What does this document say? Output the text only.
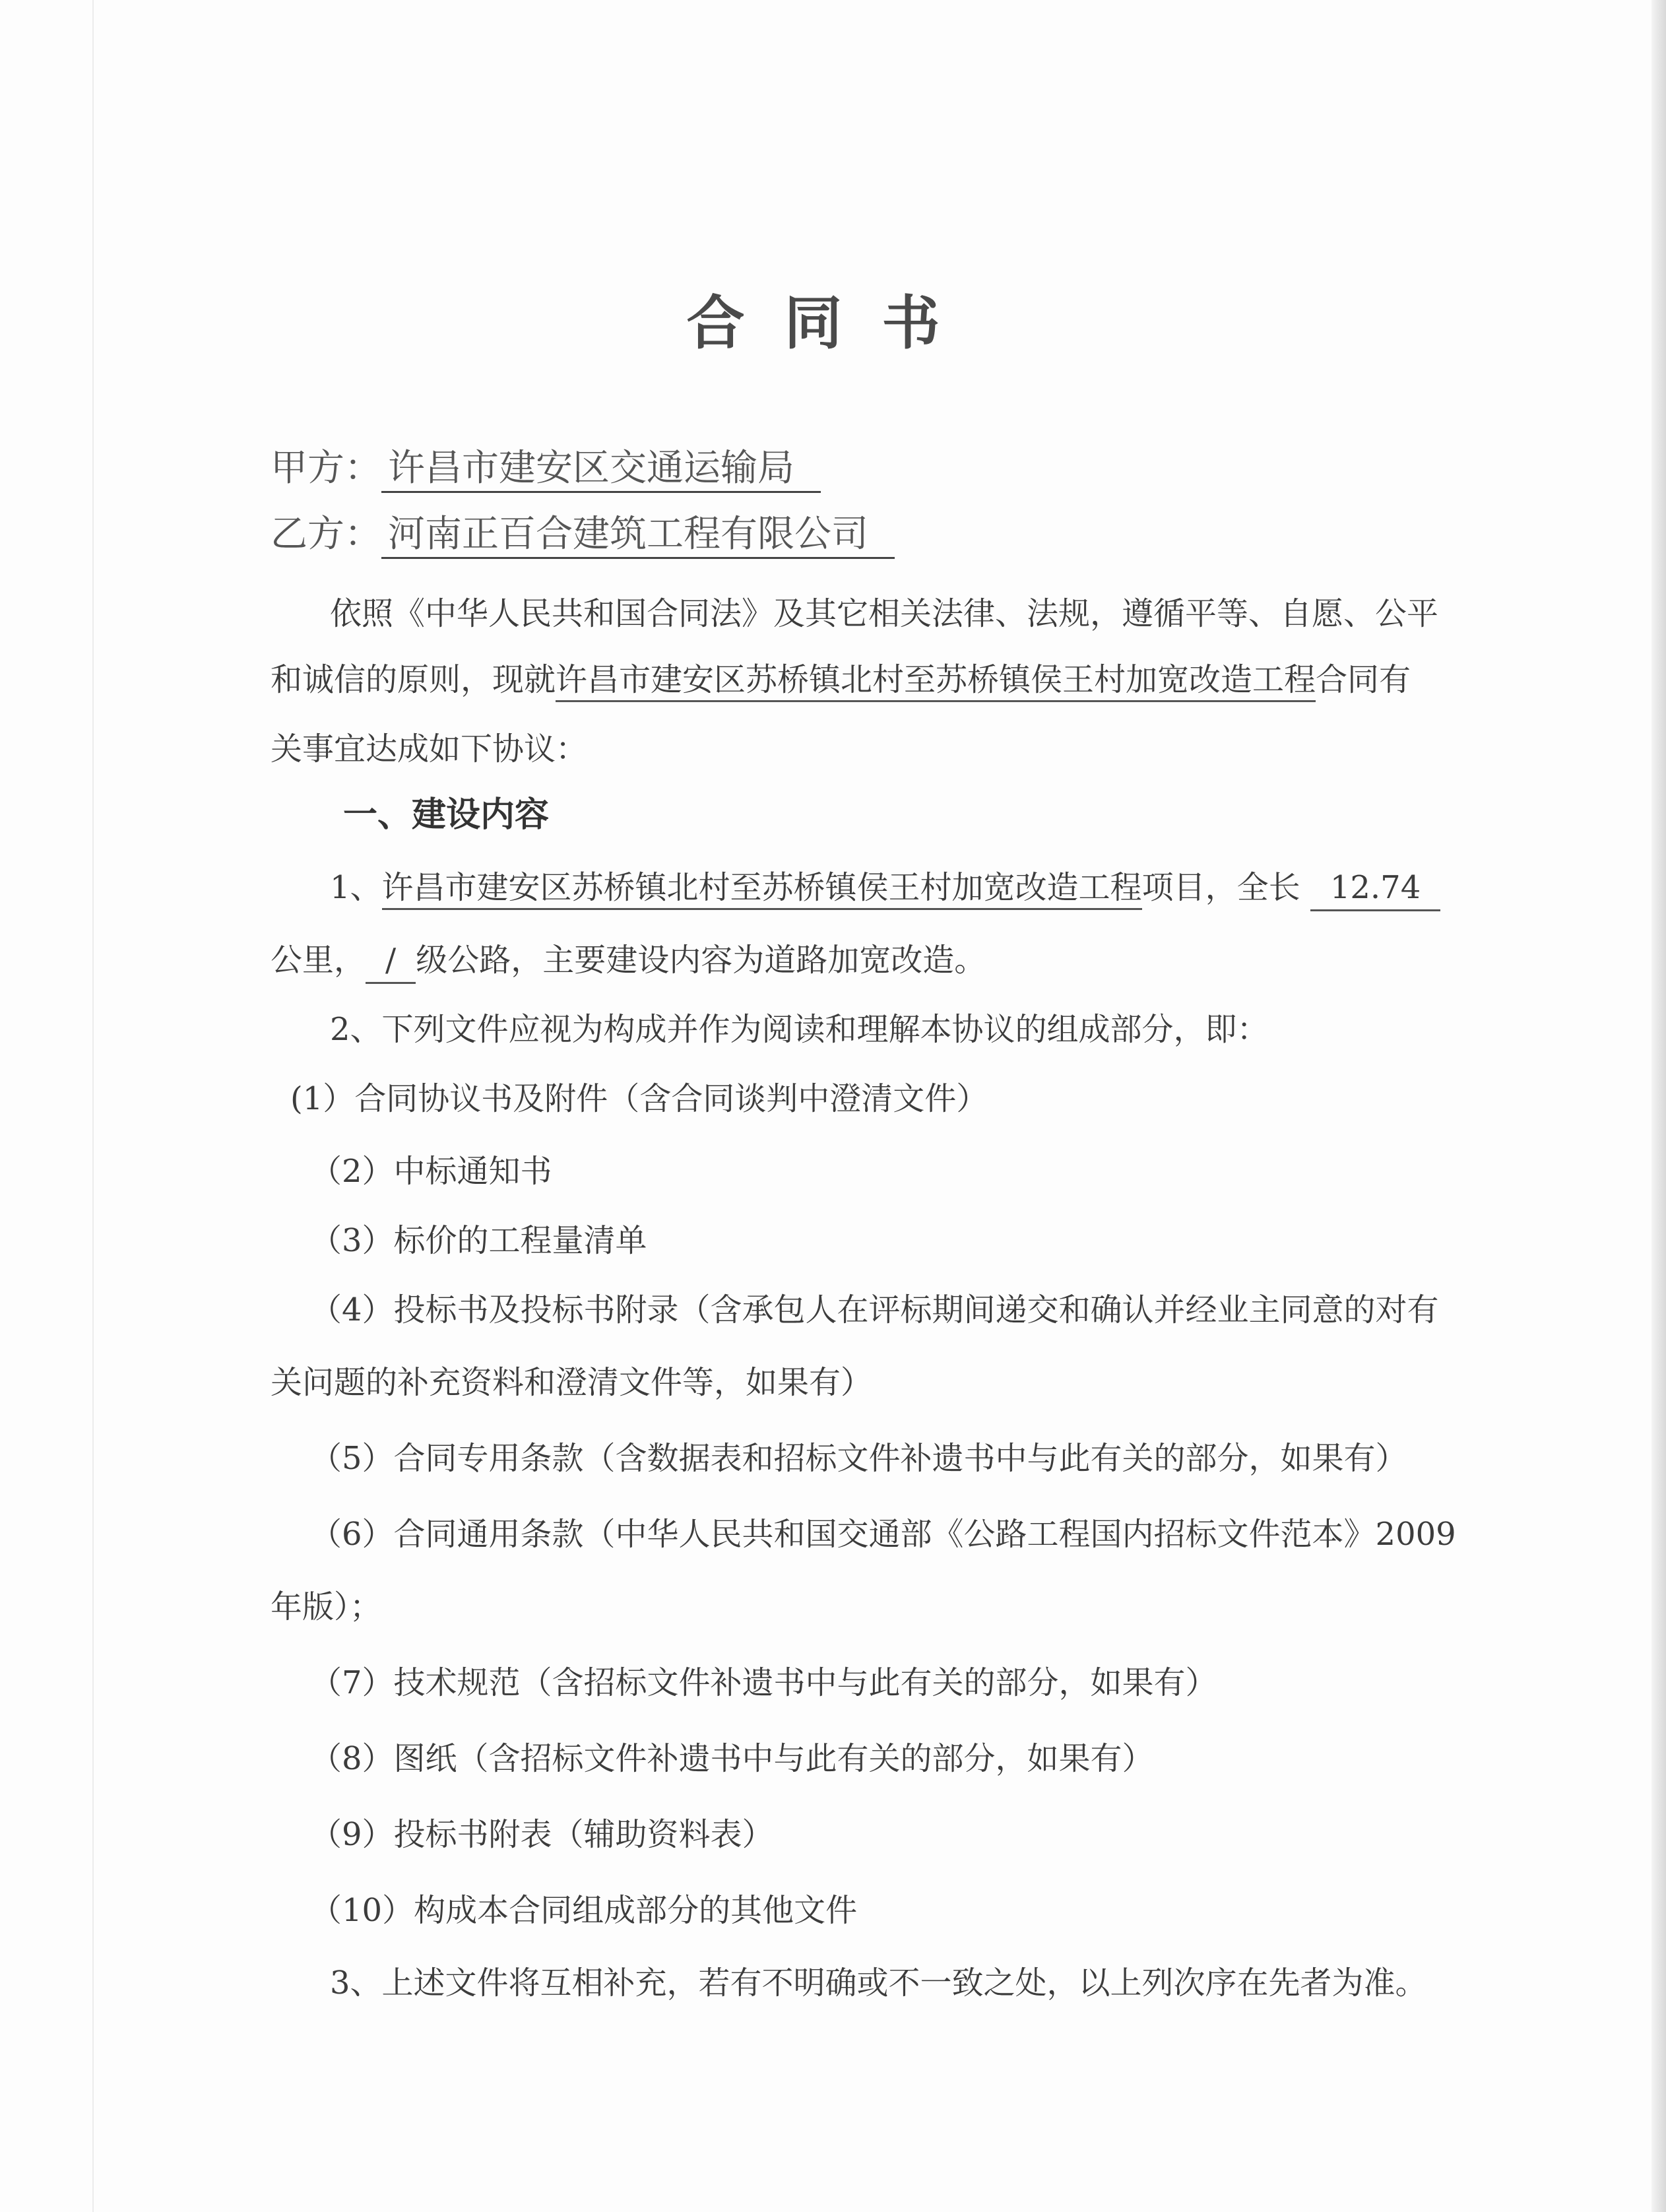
合同书
甲方： 许昌市建安区交通运输局
乙方： 河南正百合建筑工程有限公司
依照《中华人民共和国合同法》及其它相关法律、法规，遵循平等、自愿、公平
和诚信的原则，现就许昌市建安区苏桥镇北村至苏桥镇侯王村加宽改造工程合同有
关事宜达成如下协议：
一、建设内容
1、许昌市建安区苏桥镇北村至苏桥镇侯王村加宽改造工程项目，全长 12.74
公里， / 级公路，主要建设内容为道路加宽改造。
2、下列文件应视为构成并作为阅读和理解本协议的组成部分，即：
(1）合同协议书及附件（含合同谈判中澄清文件）
（2）中标通知书
（3）标价的工程量清单
（4）投标书及投标书附录（含承包人在评标期间递交和确认并经业主同意的对有
关问题的补充资料和澄清文件等，如果有）
（5）合同专用条款（含数据表和招标文件补遗书中与此有关的部分，如果有）
（6）合同通用条款（中华人民共和国交通部《公路工程国内招标文件范本》2009
年版）；
（7）技术规范（含招标文件补遗书中与此有关的部分，如果有）
（8）图纸（含招标文件补遗书中与此有关的部分，如果有）
（9）投标书附表（辅助资料表）
（10）构成本合同组成部分的其他文件
3、上述文件将互相补充，若有不明确或不一致之处，以上列次序在先者为准。
